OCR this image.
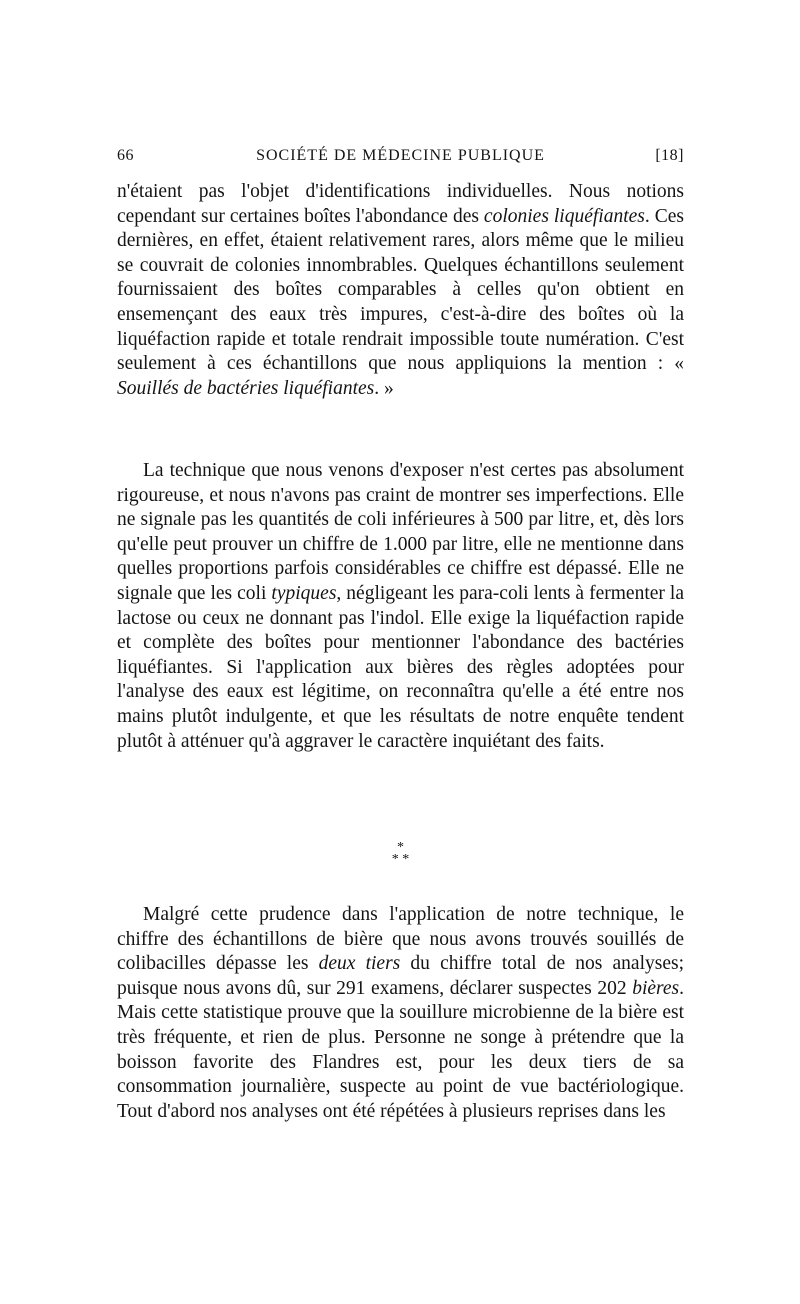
66	SOCIÉTÉ DE MÉDECINE PUBLIQUE	[18]

n'étaient pas l'objet d'identifications individuelles. Nous notions cependant sur certaines boîtes l'abondance des colonies liquéfiantes. Ces dernières, en effet, étaient relativement rares, alors même que le milieu se couvrait de colonies innombrables. Quelques échantillons seulement fournissaient des boîtes comparables à celles qu'on obtient en ensemençant des eaux très impures, c'est-à-dire des boîtes où la liquéfaction rapide et totale rendrait impossible toute numération. C'est seulement à ces échantillons que nous appliquions la mention : « Souillés de bactéries liquéfiantes. »

La technique que nous venons d'exposer n'est certes pas absolument rigoureuse, et nous n'avons pas craint de montrer ses imperfections. Elle ne signale pas les quantités de coli inférieures à 500 par litre, et, dès lors qu'elle peut prouver un chiffre de 1.000 par litre, elle ne mentionne dans quelles proportions parfois considérables ce chiffre est dépassé. Elle ne signale que les coli typiques, négligeant les para-coli lents à fermenter la lactose ou ceux ne donnant pas l'indol. Elle exige la liquéfaction rapide et complète des boîtes pour mentionner l'abondance des bactéries liquéfiantes. Si l'application aux bières des règles adoptées pour l'analyse des eaux est légitime, on reconnaîtra qu'elle a été entre nos mains plutôt indulgente, et que les résultats de notre enquête tendent plutôt à atténuer qu'à aggraver le caractère inquiétant des faits.

*
* *

Malgré cette prudence dans l'application de notre technique, le chiffre des échantillons de bière que nous avons trouvés souillés de colibacilles dépasse les deux tiers du chiffre total de nos analyses; puisque nous avons dû, sur 291 examens, déclarer suspectes 202 bières. Mais cette statistique prouve que la souillure microbienne de la bière est très fréquente, et rien de plus. Personne ne songe à prétendre que la boisson favorite des Flandres est, pour les deux tiers de sa consommation journalière, suspecte au point de vue bactériologique. Tout d'abord nos analyses ont été répétées à plusieurs reprises dans les
